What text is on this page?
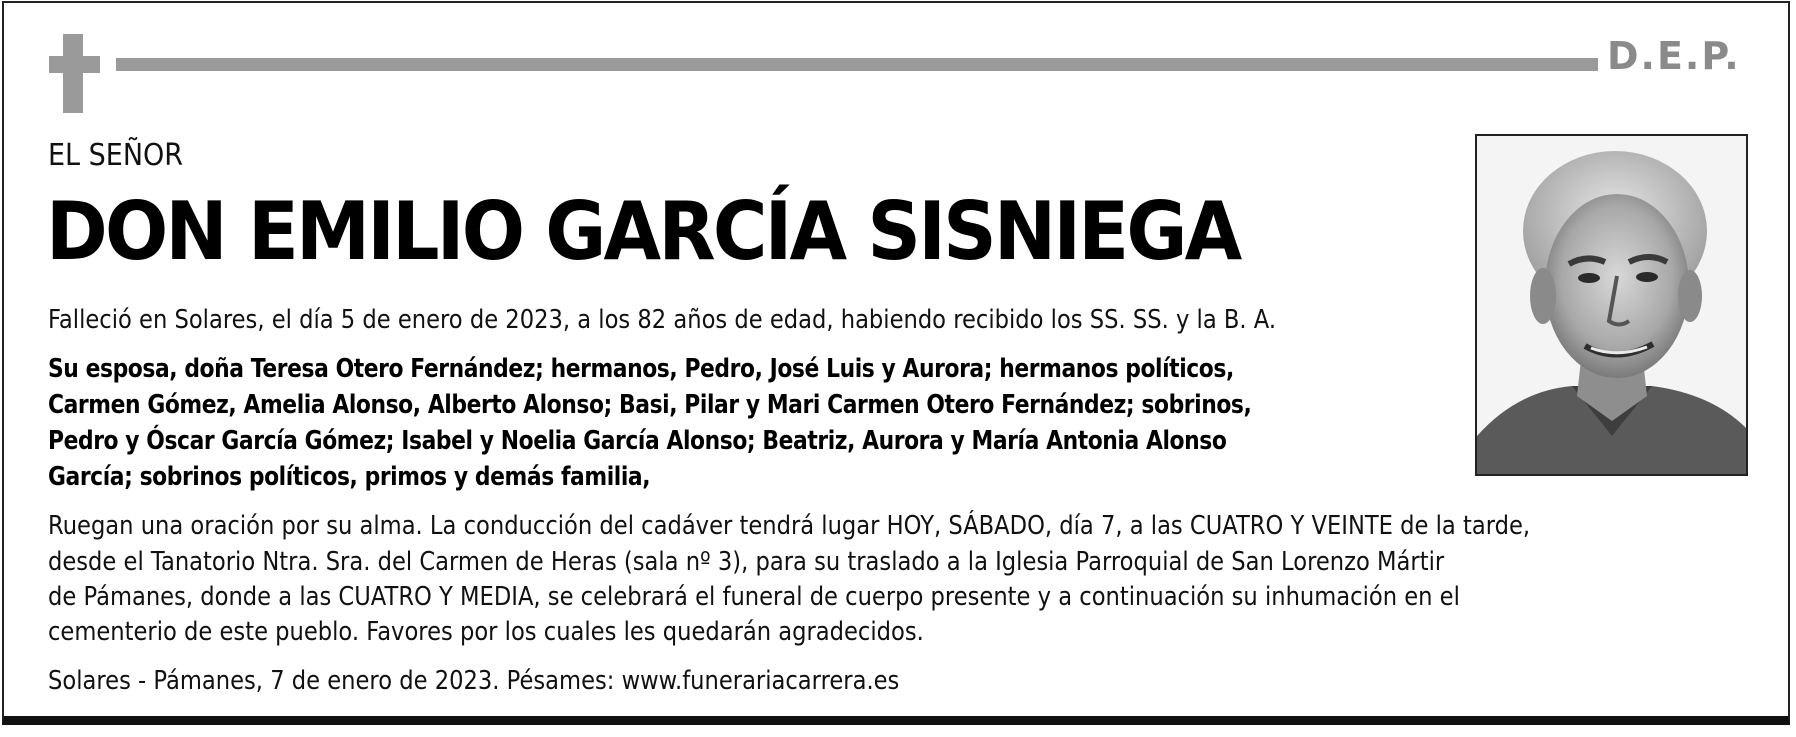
D.E.P.
EL SEÑOR
DON EMILIO GARCÍA SISNIEGA
Falleció en Solares, el día 5 de enero de 2023, a los 82 años de edad, habiendo recibido los SS. SS. y la B. A.
Su esposa, doña Teresa Otero Fernández; hermanos, Pedro, José Luis y Aurora; hermanos políticos,
Carmen Gómez, Amelia Alonso, Alberto Alonso; Basi, Pilar y Mari Carmen Otero Fernández; sobrinos,
Pedro y Óscar García Gómez; Isabel y Noelia García Alonso; Beatriz, Aurora y María Antonia Alonso
García; sobrinos políticos, primos y demás familia,
Ruegan una oración por su alma. La conducción del cadáver tendrá lugar HOY, SÁBADO, día 7, a las CUATRO Y VEINTE de la tarde,
desde el Tanatorio Ntra. Sra. del Carmen de Heras (sala nº 3), para su traslado a la Iglesia Parroquial de San Lorenzo Mártir
de Pámanes, donde a las CUATRO Y MEDIA, se celebrará el funeral de cuerpo presente y a continuación su inhumación en el
cementerio de este pueblo. Favores por los cuales les quedarán agradecidos.
Solares - Pámanes, 7 de enero de 2023. Pésames: www.funerariacarrera.es
